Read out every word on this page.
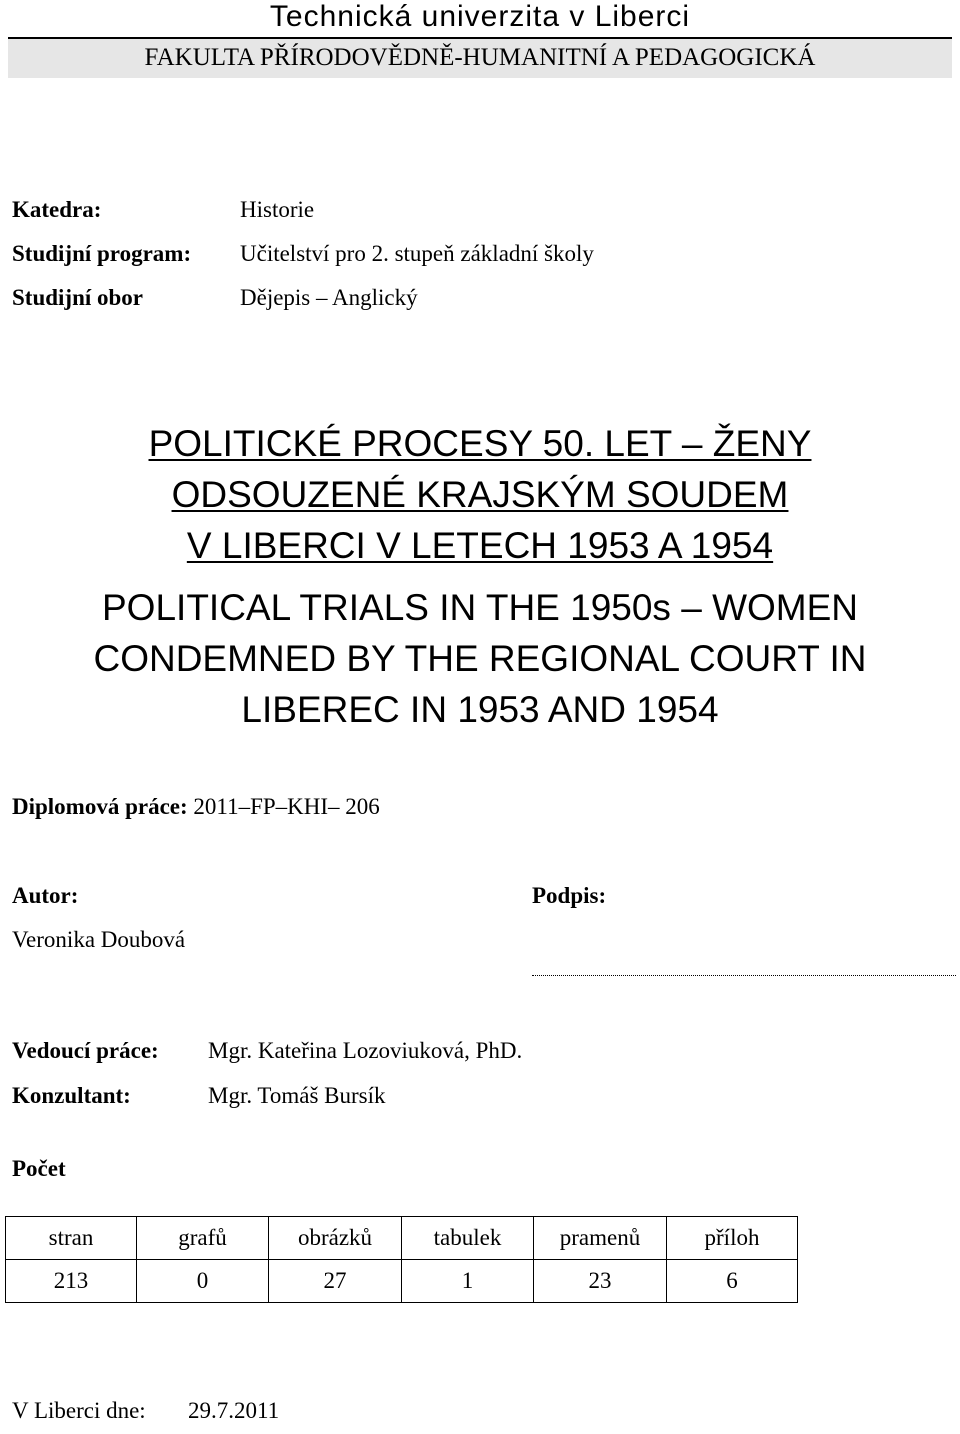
Technická univerzita v Liberci
FAKULTA PŘÍRODOVĚDNĚ-HUMANITNÍ A PEDAGOGICKÁ
Katedra:	Historie
Studijní program: Učitelství pro 2. stupeň základní školy
Studijní obor	Dějepis – Anglický
POLITICKÉ PROCESY 50. LET – ŽENY
ODSOUZENÉ KRAJSKÝM SOUDEM
V LIBERCI V LETECH 1953 A 1954
POLITICAL TRIALS IN THE 1950s – WOMEN
CONDEMNED BY THE REGIONAL COURT IN
LIBEREC IN 1953 AND 1954
Diplomová práce: 2011–FP–KHI– 206
Autor:
Veronika Doubová
Podpis:
Vedoucí práce: Mgr. Kateřina Lozoviuková, PhD.
Konzultant:	Mgr. Tomáš Bursík
Počet
stran	grafů	obrázků	tabulek	pramenů	příloh
213	0	27	1	23	6
V Liberci dne: 29.7.2011
